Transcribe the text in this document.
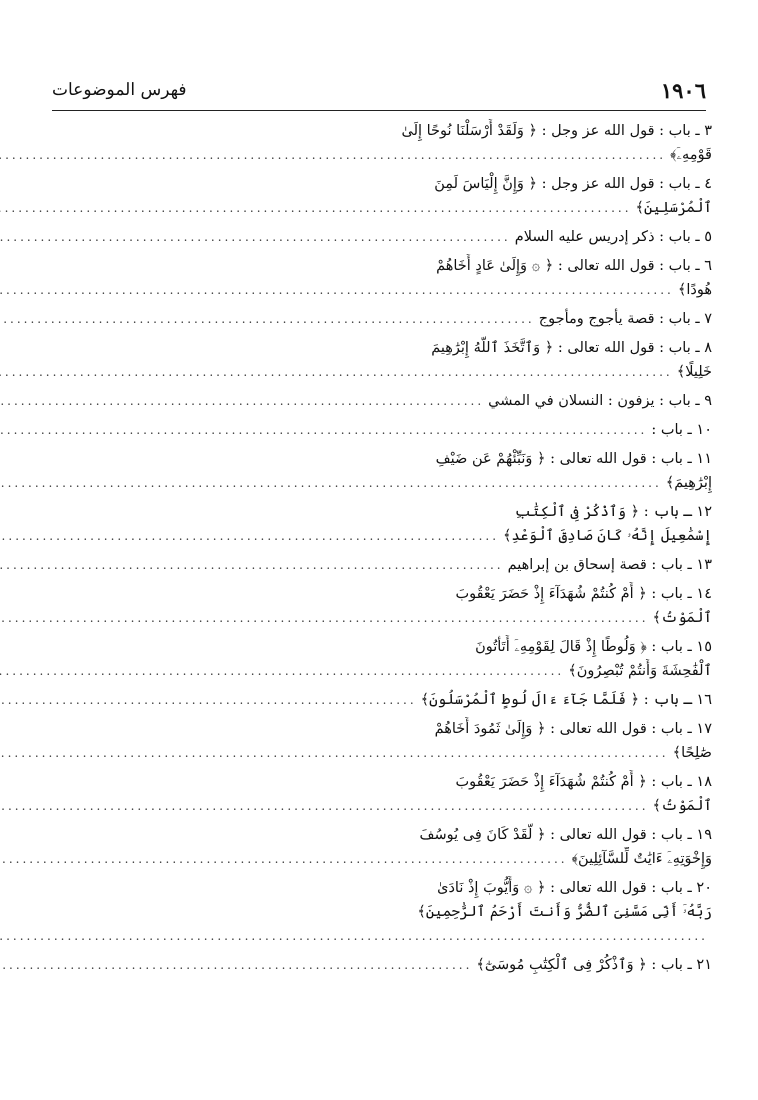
١٩٠٦
فهرس الموضوعات
٣ ـ باب : قول الله عز وجل : ﴿ وَلَقَدْ أَرْسَلْنَا نُوحًا إِلَىٰ
قَوْمِهِۦٓ﴾
.....
٤ ـ باب : قول الله عز وجل : ﴿ وَإِنَّ إِلْيَاسَ لَمِنَ
ٱلْمُرْسَلِينَ﴾
.....
٥ ـ باب : ذكر إدريس عليه السلام
.....
٦ ـ باب : قول الله تعالى : ﴿ ۞ وَإِلَىٰ عَادٍ أَخَاهُمْ
هُودًا﴾
.....
٧ ـ باب : قصة يأجوج ومأجوج
.....
٨ ـ باب : قول الله تعالى : ﴿ وَٱتَّخَذَ ٱللَّهُ إِبْرَٰهِيمَ
خَلِيلًا﴾
.....
٩ ـ باب : يزفون : النسلان في المشي
.....
١٠ ـ باب :
.....
١١ ـ باب : قول الله تعالى : ﴿ وَنَبِّئْهُمْ عَن ضَيْفِ
إِبْرَٰهِيمَ﴾
.....
١٢ ـ باب : ﴿ وَٱذْكُرْ فِى ٱلْكِتَٰبِ
إِسْمَٰعِيلَ إِنَّهُۥ كَانَ صَادِقَ ٱلْوَعْدِ﴾
.....
١٣ ـ باب : قصة إسحاق بن إبراهيم
.....
١٤ ـ باب : ﴿ أَمْ كُنتُمْ شُهَدَآءَ إِذْ حَضَرَ يَعْقُوبَ
ٱلْمَوْتُ﴾
.....
١٥ ـ باب : ﴿ وَلُوطًا إِذْ قَالَ لِقَوْمِهِۦٓ أَتَأْتُونَ
ٱلْفَٰحِشَةَ وَأَنتُمْ تُبْصِرُونَ﴾
.....
١٦ ـ باب : ﴿ فَلَمَّا جَآءَ ءَالَ لُوطٍ ٱلْمُرْسَلُونَ﴾
.....
١٧ ـ باب : قول الله تعالى : ﴿ وَإِلَىٰ ثَمُودَ أَخَاهُمْ
صَٰلِحًا﴾
.....
١٨ ـ باب : ﴿ أَمْ كُنتُمْ شُهَدَآءَ إِذْ حَضَرَ يَعْقُوبَ
ٱلْمَوْتُ﴾
.....
١٩ ـ باب : قول الله تعالى : ﴿ لَّقَدْ كَانَ فِى يُوسُفَ
وَإِخْوَتِهِۦٓ ءَايَٰتٌ لِّلسَّآئِلِينَ﴾
.....
٢٠ ـ باب : قول الله تعالى : ﴿ ۞ وَأَيُّوبَ إِذْ نَادَىٰ
رَبَّهُۥٓ أَنِّى مَسَّنِىَ ٱلضُّرُّ وَأَنتَ أَرْحَمُ ٱلرَّٰحِمِينَ﴾
.....
٢١ ـ باب : ﴿ وَٱذْكُرْ فِى ٱلْكِتَٰبِ مُوسَىٰٓ﴾
.....
